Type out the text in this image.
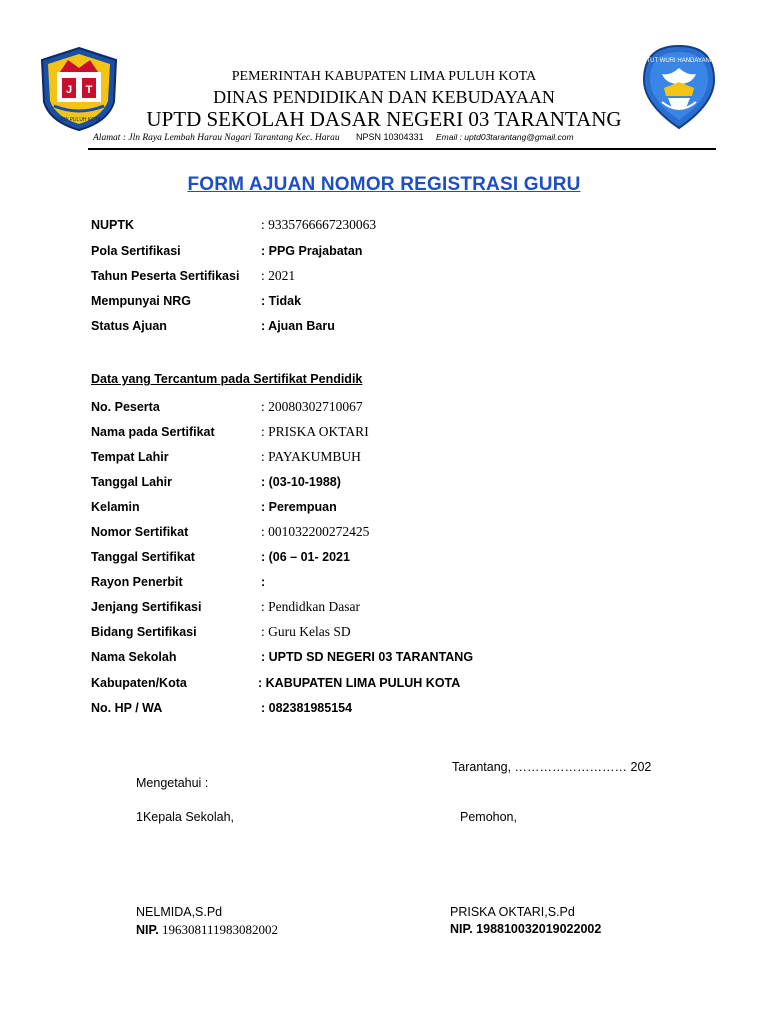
J T
LIMA PULUH KOTA
TUT WURI HANDAYANI
PEMERINTAH KABUPATEN LIMA PULUH KOTA
DINAS PENDIDIKAN DAN KEBUDAYAAN
UPTD SEKOLAH DASAR NEGERI 03 TARANTANG
Alamat : Jln Raya Lembah Harau Nagari Tarantang Kec. Harau NPSN 10304331 Email : uptd03tarantang@gmail.com
FORM AJUAN NOMOR REGISTRASI GURU
NUPTK	: 9335766667230063
Pola Sertifikasi	: PPG Prajabatan
Tahun Peserta Sertifikasi : 2021
Mempunyai NRG	: Tidak
Status Ajuan	: Ajuan Baru
Data yang Tercantum pada Sertifikat Pendidik
No. Peserta	: 20080302710067
Nama pada Sertifikat	: PRISKA OKTARI
Tempat Lahir	: PAYAKUMBUH
Tanggal Lahir	: (03-10-1988)
Kelamin	: Perempuan
Nomor Sertifikat	: 001032200272425
Tanggal Sertifikat	: (06 – 01- 2021
Rayon Penerbit	:
Jenjang Sertifikasi	: Pendidkan Dasar
Bidang Sertifikasi	: Guru Kelas SD
Nama Sekolah	: UPTD SD NEGERI 03 TARANTANG
Kabupaten/Kota	: KABUPATEN LIMA PULUH KOTA
No. HP / WA	: 082381985154
Tarantang, ……………………… 202
Mengetahui :
1Kepala Sekolah,	Pemohon,
NELMIDA,S.Pd
NIP. 196308111983082002
PRISKA OKTARI,S.Pd
NIP. 198810032019022002
